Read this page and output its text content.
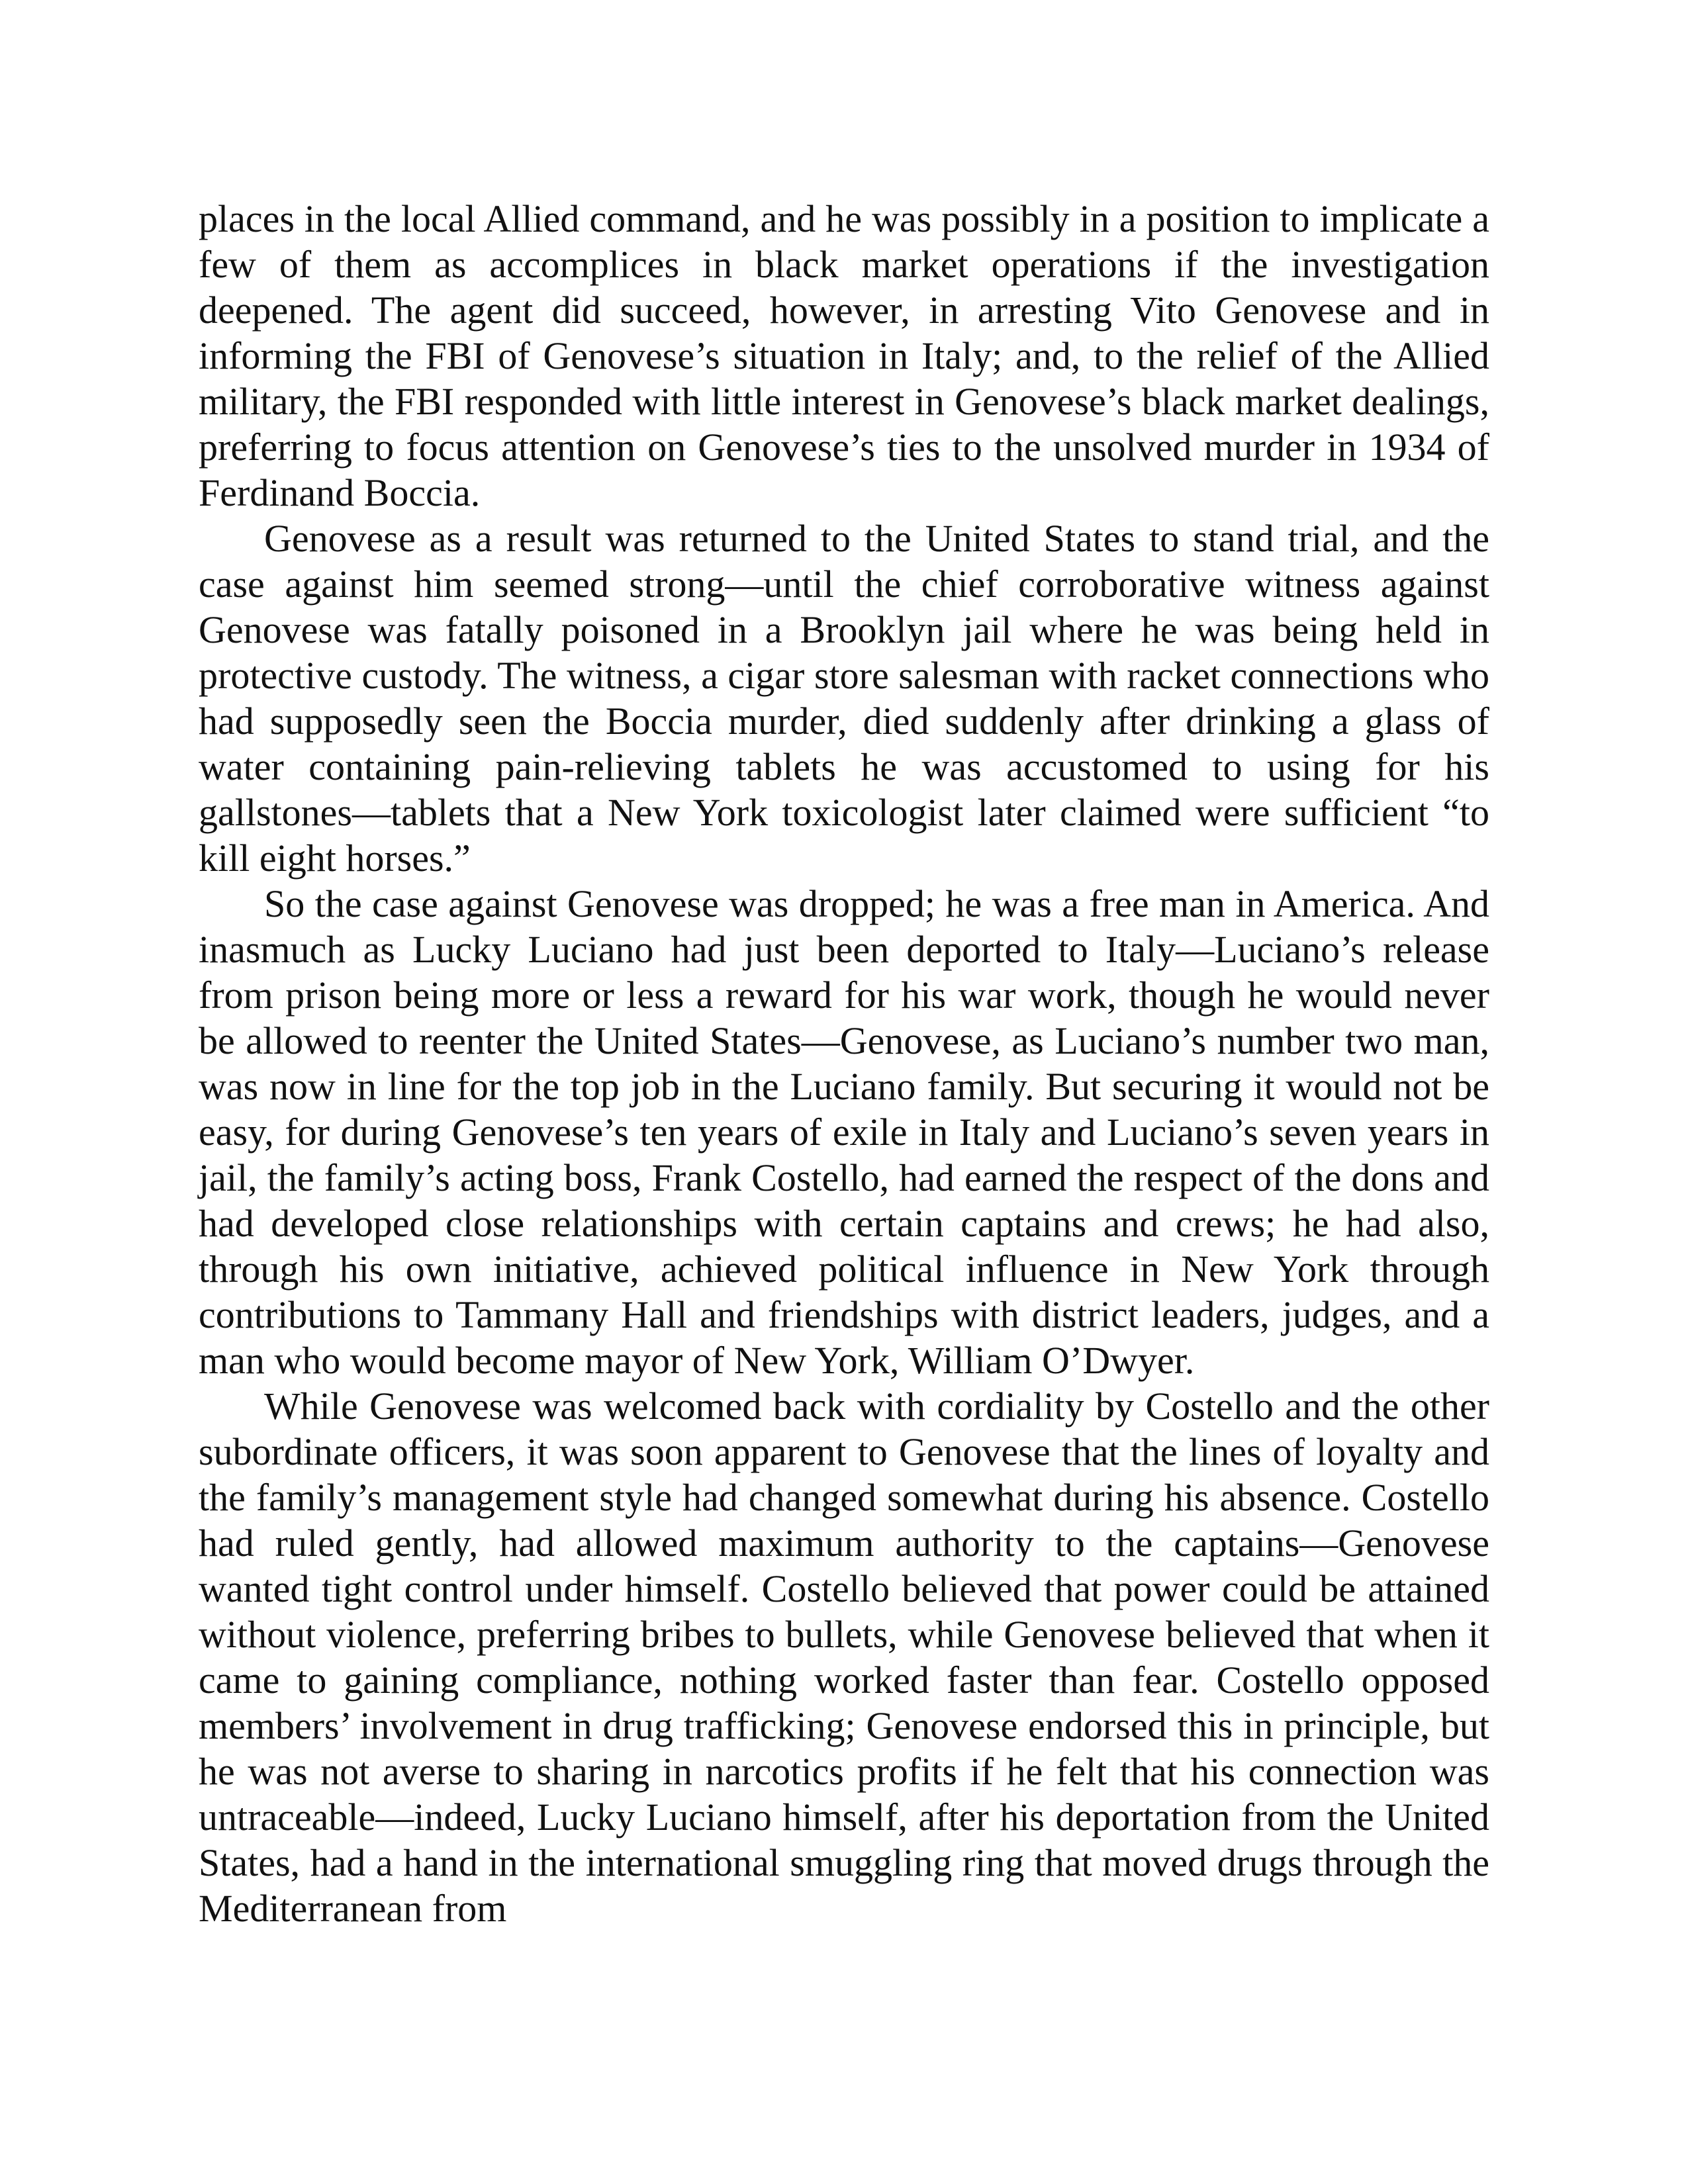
places in the local Allied command, and he was possibly in a position to implicate a few of them as accomplices in black market operations if the investigation deepened. The agent did succeed, however, in arresting Vito Genovese and in informing the FBI of Genovese’s situation in Italy; and, to the relief of the Allied military, the FBI responded with little interest in Genovese’s black market dealings, preferring to focus attention on Genovese’s ties to the unsolved murder in 1934 of Ferdinand Boccia.

Genovese as a result was returned to the United States to stand trial, and the case against him seemed strong—until the chief corroborative witness against Genovese was fatally poisoned in a Brooklyn jail where he was being held in protective custody. The witness, a cigar store salesman with racket connections who had supposedly seen the Boccia murder, died suddenly after drinking a glass of water containing pain-relieving tablets he was accustomed to using for his gallstones—tablets that a New York toxicologist later claimed were sufficient “to kill eight horses.”

So the case against Genovese was dropped; he was a free man in America. And inasmuch as Lucky Luciano had just been deported to Italy—Luciano’s release from prison being more or less a reward for his war work, though he would never be allowed to reenter the United States—Genovese, as Luciano’s number two man, was now in line for the top job in the Luciano family. But securing it would not be easy, for during Genovese’s ten years of exile in Italy and Luciano’s seven years in jail, the family’s acting boss, Frank Costello, had earned the respect of the dons and had developed close relationships with certain captains and crews; he had also, through his own initiative, achieved political influence in New York through contributions to Tammany Hall and friendships with district leaders, judges, and a man who would become mayor of New York, William O’Dwyer.

While Genovese was welcomed back with cordiality by Costello and the other subordinate officers, it was soon apparent to Genovese that the lines of loyalty and the family’s management style had changed somewhat during his absence. Costello had ruled gently, had allowed maximum authority to the captains—Genovese wanted tight control under himself. Costello believed that power could be attained without violence, preferring bribes to bullets, while Genovese believed that when it came to gaining compliance, nothing worked faster than fear. Costello opposed members’ involvement in drug trafficking; Genovese endorsed this in principle, but he was not averse to sharing in narcotics profits if he felt that his connection was untraceable—indeed, Lucky Luciano himself, after his deportation from the United States, had a hand in the international smuggling ring that moved drugs through the Mediterranean from
